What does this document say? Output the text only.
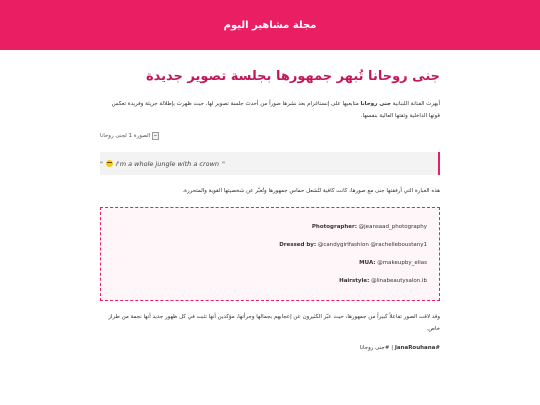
مجلة مشاهير اليوم
جنى روحانا تُبهر جمهورها بجلسة تصوير جديدة

أبهرت الفنانة اللبنانية جنى روحانا متابعيها على إنستاغرام بعد نشرها صوراً من أحدث جلسة تصوير لها، حيث ظهرت بإطلالة جريئة وفريدة تعكس قوتها الداخلية وثقتها العالية بنفسها.

الصورة 1 لجنى روحانا
" I'm a whole jungle with a crown "

هذه العبارة التي أرفقتها جنى مع صورها، كانت كافية لتُشعل حماس جمهورها وتُعبّر عن شخصيتها القوية والمتحررة.

Photographer: @jeansaad_photography
Dressed by: @candygirlfashion @rachelleboustany1
MUA: @makeupby_elias
Hairstyle: @linabeautysalon.lb

وقد لاقت الصور تفاعلاً كبيراً من جمهورها، حيث عبّر الكثيرون عن إعجابهم بجمالها وجرأتها، مؤكدين أنها تثبت في كل ظهور جديد أنها نجمة من طراز خاص.

#JanaRouhana | #جنى روحانا
